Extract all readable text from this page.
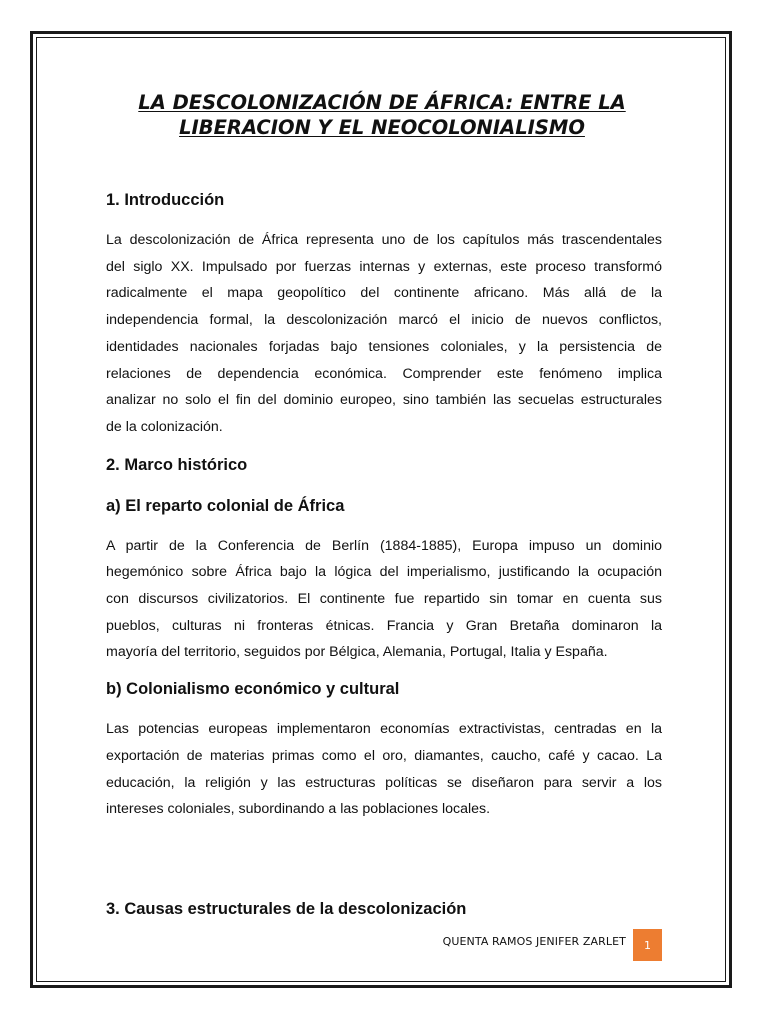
LA DESCOLONIZACIÓN DE ÁFRICA: ENTRE LA
LIBERACION Y EL NEOCOLONIALISMO
1. Introducción

La descolonización de África representa uno de los capítulos más trascendentales
del siglo XX. Impulsado por fuerzas internas y externas, este proceso transformó
radicalmente el mapa geopolítico del continente africano. Más allá de la
independencia formal, la descolonización marcó el inicio de nuevos conflictos,
identidades nacionales forjadas bajo tensiones coloniales, y la persistencia de
relaciones de dependencia económica. Comprender este fenómeno implica
analizar no solo el fin del dominio europeo, sino también las secuelas estructurales
de la colonización.

2. Marco histórico
a) El reparto colonial de África

A partir de la Conferencia de Berlín (1884-1885), Europa impuso un dominio
hegemónico sobre África bajo la lógica del imperialismo, justificando la ocupación
con discursos civilizatorios. El continente fue repartido sin tomar en cuenta sus
pueblos, culturas ni fronteras étnicas. Francia y Gran Bretaña dominaron la
mayoría del territorio, seguidos por Bélgica, Alemania, Portugal, Italia y España.

b) Colonialismo económico y cultural

Las potencias europeas implementaron economías extractivistas, centradas en la
exportación de materias primas como el oro, diamantes, caucho, café y cacao. La
educación, la religión y las estructuras políticas se diseñaron para servir a los
intereses coloniales, subordinando a las poblaciones locales.

3. Causas estructurales de la descolonización
QUENTA RAMOS JENIFER ZARLET	1
